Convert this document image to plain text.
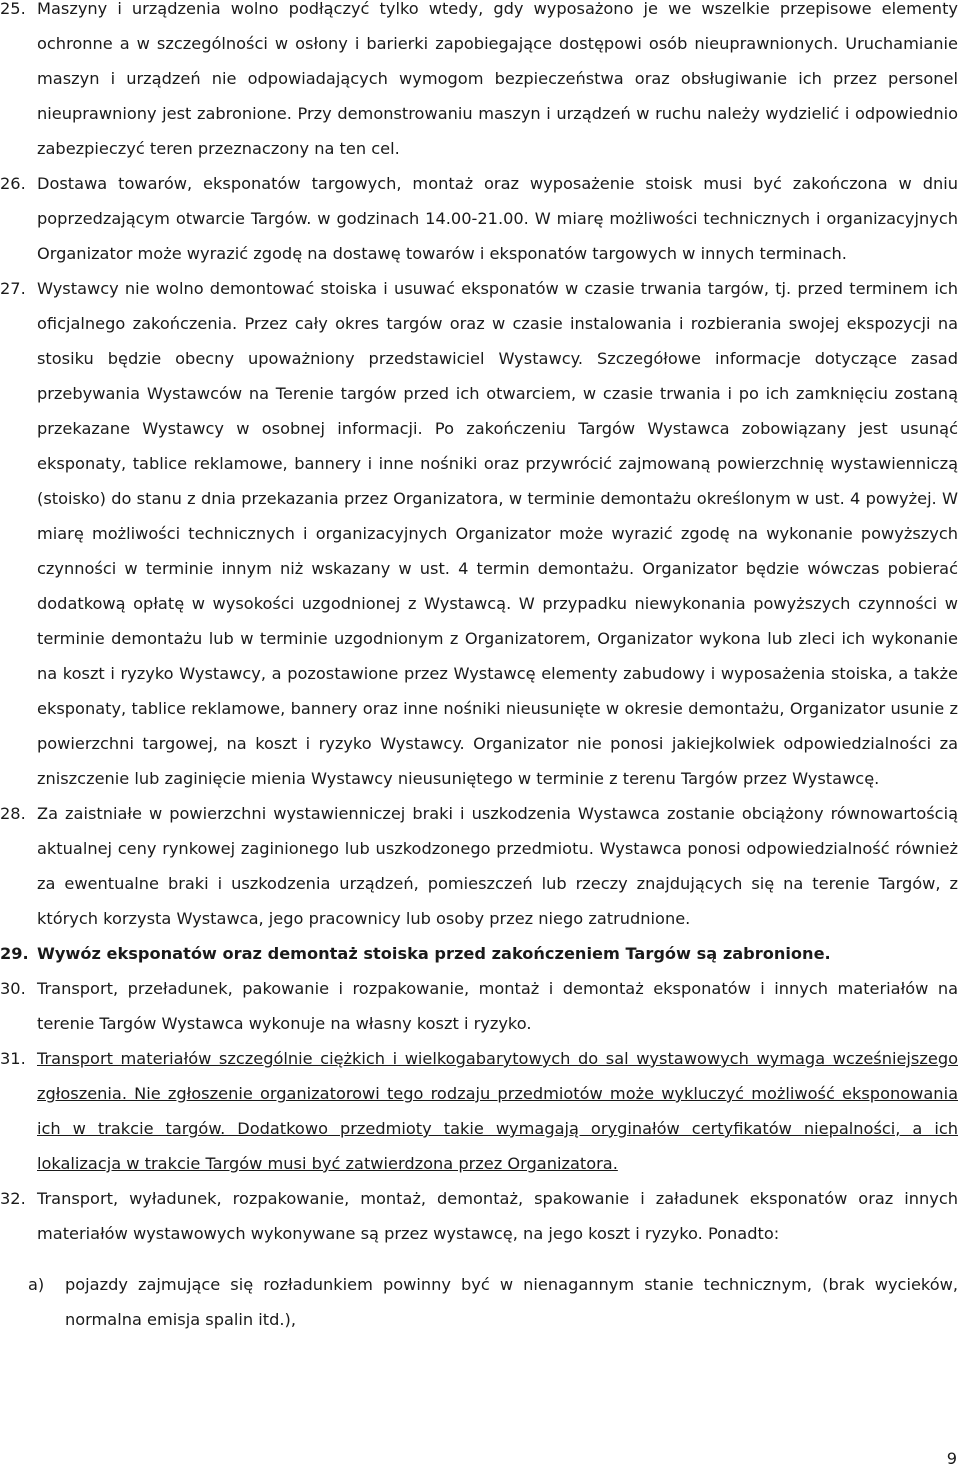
25. Maszyny i urządzenia wolno podłączyć tylko wtedy, gdy wyposażono je we wszelkie przepisowe elementy ochronne a w szczególności w osłony i barierki zapobiegające dostępowi osób nieuprawnionych. Uruchamianie maszyn i urządzeń nie odpowiadających wymogom bezpieczeństwa oraz obsługiwanie ich przez personel nieuprawniony jest zabronione. Przy demonstrowaniu maszyn i urządzeń w ruchu należy wydzielić i odpowiednio zabezpieczyć teren przeznaczony na ten cel.

26. Dostawa towarów, eksponatów targowych, montaż oraz wyposażenie stoisk musi być zakończona w dniu poprzedzającym otwarcie Targów. w godzinach 14.00-21.00. W miarę możliwości technicznych i organizacyjnych Organizator może wyrazić zgodę na dostawę towarów i eksponatów targowych w innych terminach.

27. Wystawcy nie wolno demontować stoiska i usuwać eksponatów w czasie trwania targów, tj. przed terminem ich oficjalnego zakończenia. Przez cały okres targów oraz w czasie instalowania i rozbierania swojej ekspozycji na stosiku będzie obecny upoważniony przedstawiciel Wystawcy. Szczegółowe informacje dotyczące zasad przebywania Wystawców na Terenie targów przed ich otwarciem, w czasie trwania i po ich zamknięciu zostaną przekazane Wystawcy w osobnej informacji. Po zakończeniu Targów Wystawca zobowiązany jest usunąć eksponaty, tablice reklamowe, bannery i inne nośniki oraz przywrócić zajmowaną powierzchnię wystawienniczą (stoisko) do stanu z dnia przekazania przez Organizatora, w terminie demontażu określonym w ust. 4 powyżej. W miarę możliwości technicznych i organizacyjnych Organizator może wyrazić zgodę na wykonanie powyższych czynności w terminie innym niż wskazany w ust. 4 termin demontażu. Organizator będzie wówczas pobierać dodatkową opłatę w wysokości uzgodnionej z Wystawcą. W przypadku niewykonania powyższych czynności w terminie demontażu lub w terminie uzgodnionym z Organizatorem, Organizator wykona lub zleci ich wykonanie na koszt i ryzyko Wystawcy, a pozostawione przez Wystawcę elementy zabudowy i wyposażenia stoiska, a także eksponaty, tablice reklamowe, bannery oraz inne nośniki nieusunięte w okresie demontażu, Organizator usunie z powierzchni targowej, na koszt i ryzyko Wystawcy. Organizator nie ponosi jakiejkolwiek odpowiedzialności za zniszczenie lub zaginięcie mienia Wystawcy nieusuniętego w terminie z terenu Targów przez Wystawcę.

28. Za zaistniałe w powierzchni wystawienniczej braki i uszkodzenia Wystawca zostanie obciążony równowartością aktualnej ceny rynkowej zaginionego lub uszkodzonego przedmiotu. Wystawca ponosi odpowiedzialność również za ewentualne braki i uszkodzenia urządzeń, pomieszczeń lub rzeczy znajdujących się na terenie Targów, z których korzysta Wystawca, jego pracownicy lub osoby przez niego zatrudnione.

29. Wywóz eksponatów oraz demontaż stoiska przed zakończeniem Targów są zabronione.

30. Transport, przeładunek, pakowanie i rozpakowanie, montaż i demontaż eksponatów i innych materiałów na terenie Targów Wystawca wykonuje na własny koszt i ryzyko.

31. Transport materiałów szczególnie ciężkich i wielkogabarytowych do sal wystawowych wymaga wcześniejszego zgłoszenia. Nie zgłoszenie organizatorowi tego rodzaju przedmiotów może wykluczyć możliwość eksponowania ich w trakcie targów. Dodatkowo przedmioty takie wymagają oryginałów certyfikatów niepalności, a ich lokalizacja w trakcie Targów musi być zatwierdzona przez Organizatora.

32. Transport, wyładunek, rozpakowanie, montaż, demontaż, spakowanie i załadunek eksponatów oraz innych materiałów wystawowych wykonywane są przez wystawcę, na jego koszt i ryzyko. Ponadto:

a) pojazdy zajmujące się rozładunkiem powinny być w nienagannym stanie technicznym, (brak wycieków, normalna emisja spalin itd.),

9
